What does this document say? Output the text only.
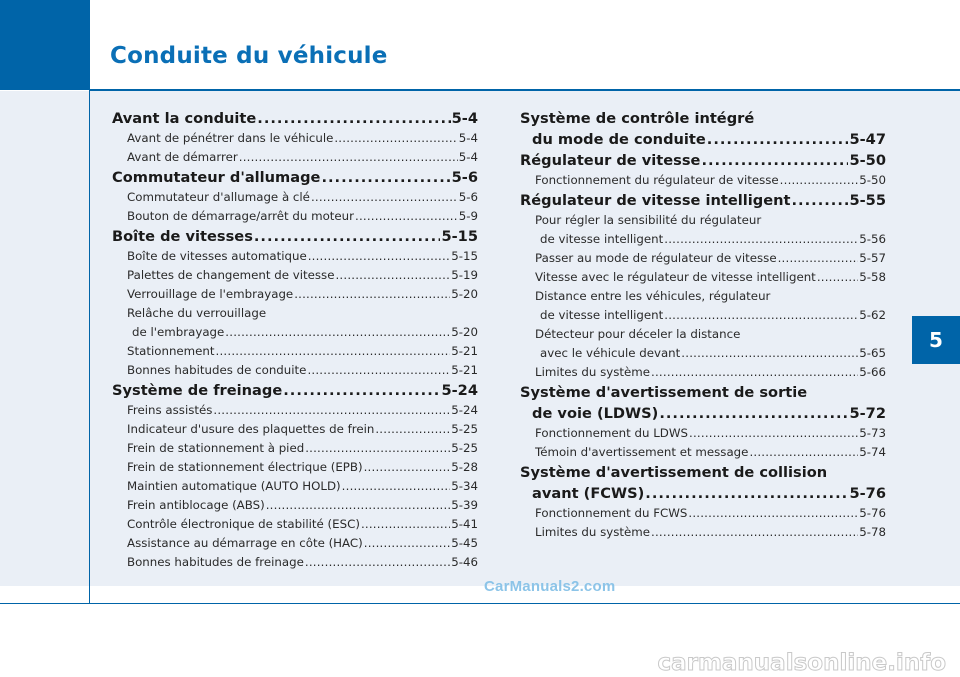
Conduite du véhicule
5
Avant la conduite .....	5-4
Avant de pénétrer dans le véhicule .....	5-4
Avant de démarrer .....	5-4
Commutateur d'allumage .....	5-6
Commutateur d'allumage à clé .....	5-6
Bouton de démarrage/arrêt du moteur .....	5-9
Boîte de vitesses .....	5-15
Boîte de vitesses automatique .....	5-15
Palettes de changement de vitesse .....	5-19
Verrouillage de l'embrayage .....	5-20
Relâche du verrouillage
de l'embrayage .....	5-20
Stationnement .....	5-21
Bonnes habitudes de conduite .....	5-21
Système de freinage .....	5-24
Freins assistés .....	5-24
Indicateur d'usure des plaquettes de frein .....	5-25
Frein de stationnement à pied .....	5-25
Frein de stationnement électrique (EPB) .....	5-28
Maintien automatique (AUTO HOLD) .....	5-34
Frein antiblocage (ABS) .....	5-39
Contrôle électronique de stabilité (ESC) .....	5-41
Assistance au démarrage en côte (HAC) .....	5-45
Bonnes habitudes de freinage .....	5-46
Système de contrôle intégré
du mode de conduite .....	5-47
Régulateur de vitesse .....	5-50
Fonctionnement du régulateur de vitesse .....	5-50
Régulateur de vitesse intelligent .....	5-55
Pour régler la sensibilité du régulateur
de vitesse intelligent .....	5-56
Passer au mode de régulateur de vitesse .....	5-57
Vitesse avec le régulateur de vitesse intelligent .....	5-58
Distance entre les véhicules, régulateur
de vitesse intelligent .....	5-62
Détecteur pour déceler la distance
avec le véhicule devant .....	5-65
Limites du système .....	5-66
Système d'avertissement de sortie
de voie (LDWS) .....	5-72
Fonctionnement du LDWS .....	5-73
Témoin d'avertissement et message .....	5-74
Système d'avertissement de collision
avant (FCWS) .....	5-76
Fonctionnement du FCWS .....	5-76
Limites du système .....	5-78
CarManuals2.com
carmanualsonline.info
